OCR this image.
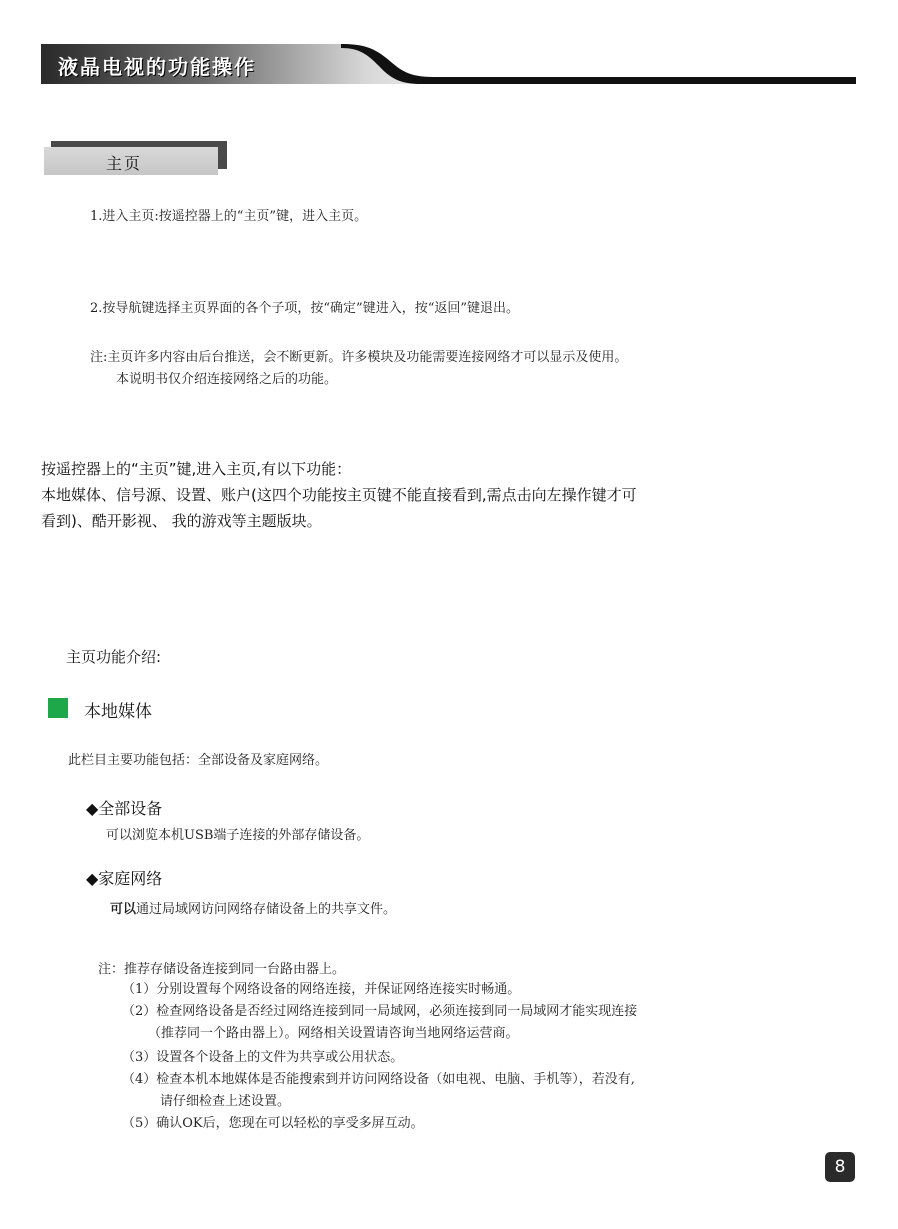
液晶电视的功能操作
主页
1.进入主页:按遥控器上的“主页”键，进入主页。
2.按导航键选择主页界面的各个子项，按“确定”键进入，按“返回”键退出。
注:主页许多内容由后台推送，会不断更新。许多模块及功能需要连接网络才可以显示及使用。
本说明书仅介绍连接网络之后的功能。
按遥控器上的“主页”键,进入主页,有以下功能：
本地媒体、信号源、设置、账户(这四个功能按主页键不能直接看到,需点击向左操作键才可
看到)、酷开影视、 我的游戏等主题版块。
主页功能介绍:
本地媒体
此栏目主要功能包括：全部设备及家庭网络。
◆全部设备
可以浏览本机USB端子连接的外部存储设备。
◆家庭网络
可以通过局域网访问网络存储设备上的共享文件。
注：推荐存储设备连接到同一台路由器上。
（1）分别设置每个网络设备的网络连接，并保证网络连接实时畅通。
（2）检查网络设备是否经过网络连接到同一局域网，必须连接到同一局域网才能实现连接
（推荐同一个路由器上）。网络相关设置请咨询当地网络运营商。
（3）设置各个设备上的文件为共享或公用状态。
（4）检查本机本地媒体是否能搜索到并访问网络设备（如电视、电脑、手机等），若没有,
请仔细检查上述设置。
（5）确认OK后，您现在可以轻松的享受多屏互动。
8
